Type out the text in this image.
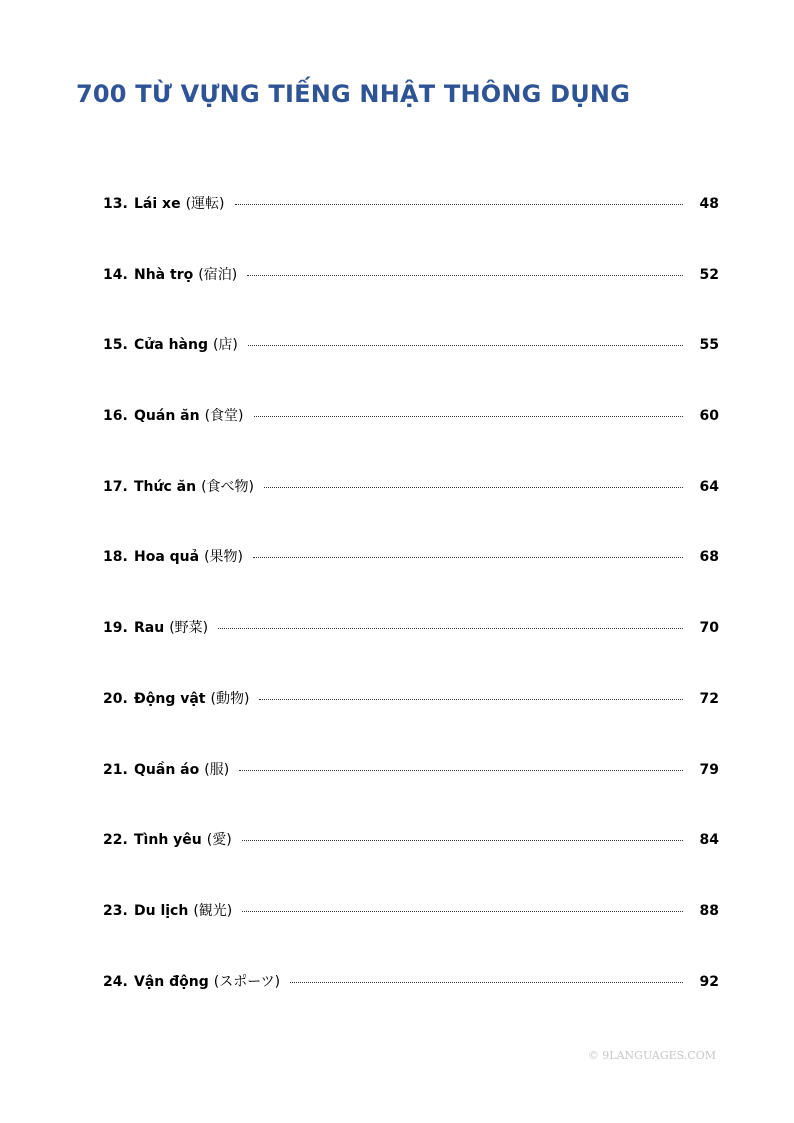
700 TỪ VỰNG TIẾNG NHẬT THÔNG DỤNG
13. Lái xe (運転)	48
14. Nhà trọ (宿泊)	52
15. Cửa hàng (店)	55
16. Quán ăn (食堂)	60
17. Thức ăn (食べ物)	64
18. Hoa quả (果物)	68
19. Rau (野菜)	70
20. Động vật (動物)	72
21. Quần áo (服)	79
22. Tình yêu (愛)	84
23. Du lịch (観光)	88
24. Vận động (スポーツ)	92
© 9LANGUAGES.COM
